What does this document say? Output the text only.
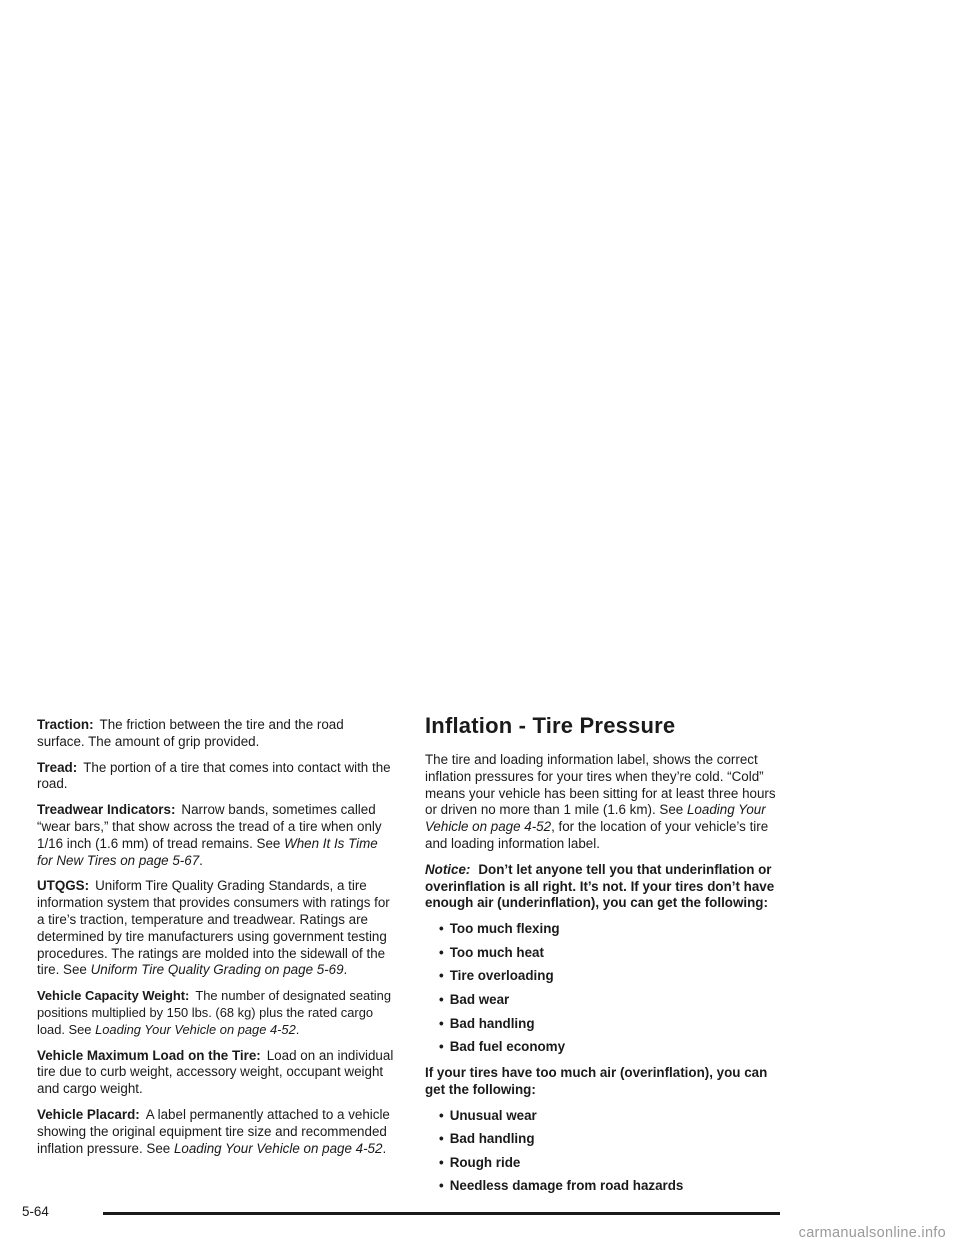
Traction: The friction between the tire and the road surface. The amount of grip provided.

Tread: The portion of a tire that comes into contact with the road.

Treadwear Indicators: Narrow bands, sometimes called “wear bars,” that show across the tread of a tire when only 1/16 inch (1.6 mm) of tread remains. See When It Is Time for New Tires on page 5-67.

UTQGS: Uniform Tire Quality Grading Standards, a tire information system that provides consumers with ratings for a tire’s traction, temperature and treadwear. Ratings are determined by tire manufacturers using government testing procedures. The ratings are molded into the sidewall of the tire. See Uniform Tire Quality Grading on page 5-69.

Vehicle Capacity Weight: The number of designated seating positions multiplied by 150 lbs. (68 kg) plus the rated cargo load. See Loading Your Vehicle on page 4-52.

Vehicle Maximum Load on the Tire: Load on an individual tire due to curb weight, accessory weight, occupant weight and cargo weight.

Vehicle Placard: A label permanently attached to a vehicle showing the original equipment tire size and recommended inflation pressure. See Loading Your Vehicle on page 4-52.

Inflation - Tire Pressure

The tire and loading information label, shows the correct inflation pressures for your tires when they’re cold. “Cold” means your vehicle has been sitting for at least three hours or driven no more than 1 mile (1.6 km). See Loading Your Vehicle on page 4-52, for the location of your vehicle’s tire and loading information label.

Notice: Don’t let anyone tell you that underinflation or overinflation is all right. It’s not. If your tires don’t have enough air (underinflation), you can get the following:

• Too much flexing
• Too much heat
• Tire overloading
• Bad wear
• Bad handling
• Bad fuel economy

If your tires have too much air (overinflation), you can get the following:

• Unusual wear
• Bad handling
• Rough ride
• Needless damage from road hazards
5-64
carmanualsonline.info
